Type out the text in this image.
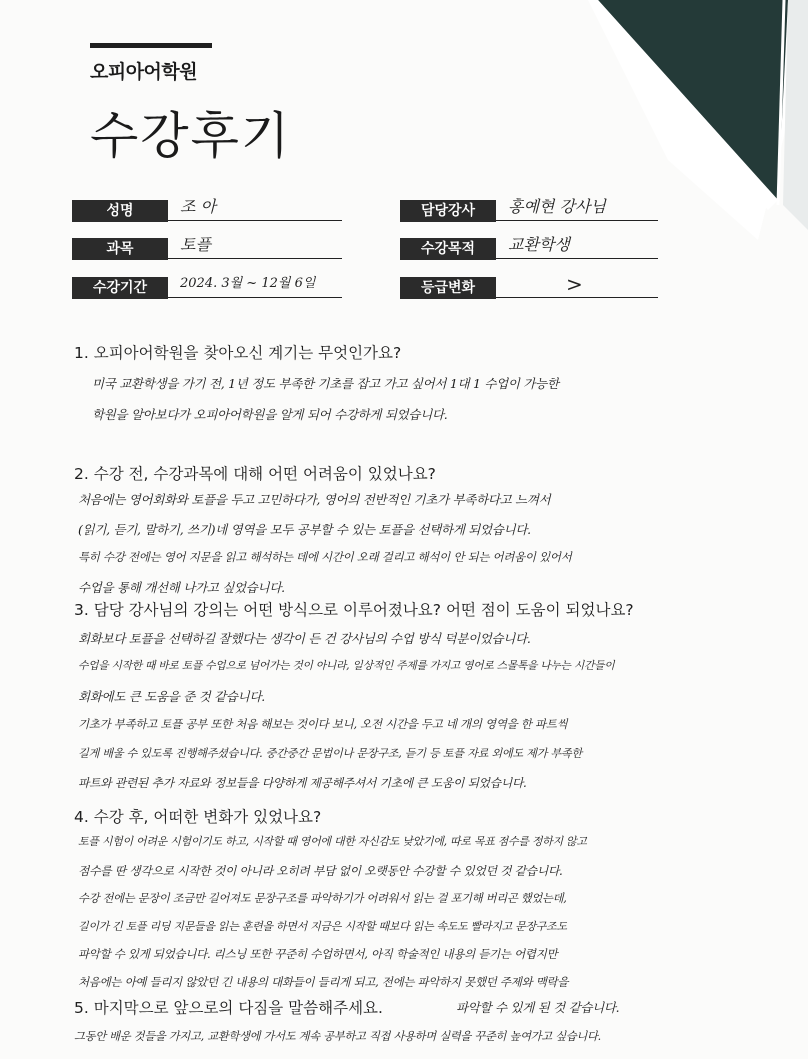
오피아어학원
수강후기
성명	조 아
과목	토플
수강기간	2024. 3월 ~ 12월 6일
담당강사	홍예현 강사님
수강목적	교환학생
등급변화	>
1. 오피아어학원을 찾아오신 계기는 무엇인가요?
미국 교환학생을 가기 전, 1년 정도 부족한 기초를 잡고 가고 싶어서 1대 1 수업이 가능한
학원을 알아보다가 오피아어학원을 알게 되어 수강하게 되었습니다.
2. 수강 전, 수강과목에 대해 어떤 어려움이 있었나요?
처음에는 영어회화와 토플을 두고 고민하다가, 영어의 전반적인 기초가 부족하다고 느껴서
(읽기, 듣기, 말하기, 쓰기)네 영역을 모두 공부할 수 있는 토플을 선택하게 되었습니다.
특히 수강 전에는 영어 지문을 읽고 해석하는 데에 시간이 오래 걸리고 해석이 안 되는 어려움이 있어서
수업을 통해 개선해 나가고 싶었습니다.
3. 담당 강사님의 강의는 어떤 방식으로 이루어졌나요? 어떤 점이 도움이 되었나요?
회화보다 토플을 선택하길 잘했다는 생각이 든 건 강사님의 수업 방식 덕분이었습니다.
수업을 시작한 때 바로 토플 수업으로 넘어가는 것이 아니라, 일상적인 주제를 가지고 영어로 스몰톡을 나누는 시간들이
회화에도 큰 도움을 준 것 같습니다.
기초가 부족하고 토플 공부 또한 처음 해보는 것이다 보니, 오전 시간을 두고 네 개의 영역을 한 파트씩
길게 배울 수 있도록 진행해주셨습니다. 중간중간 문법이나 문장구조, 듣기 등 토플 자료 외에도 제가 부족한
파트와 관련된 추가 자료와 정보들을 다양하게 제공해주셔서 기초에 큰 도움이 되었습니다.
4. 수강 후, 어떠한 변화가 있었나요?
토플 시험이 어려운 시험이기도 하고, 시작할 때 영어에 대한 자신감도 낮았기에, 따로 목표 점수를 정하지 않고
점수를 딴 생각으로 시작한 것이 아니라 오히려 부담 없이 오랫동안 수강할 수 있었던 것 같습니다.
수강 전에는 문장이 조금만 길어져도 문장구조를 파악하기가 어려워서 읽는 걸 포기해 버리곤 했었는데,
길이가 긴 토플 리딩 지문들을 읽는 훈련을 하면서 지금은 시작할 때보다 읽는 속도도 빨라지고 문장구조도
파악할 수 있게 되었습니다. 리스닝 또한 꾸준히 수업하면서, 아직 학술적인 내용의 듣기는 어렵지만
처음에는 아예 들리지 않았던 긴 내용의 대화들이 들리게 되고, 전에는 파악하지 못했던 주제와 맥락을
파악할 수 있게 된 것 같습니다.
5. 마지막으로 앞으로의 다짐을 말씀해주세요.
그동안 배운 것들을 가지고, 교환학생에 가서도 계속 공부하고 직접 사용하며 실력을 꾸준히 높여가고 싶습니다.
